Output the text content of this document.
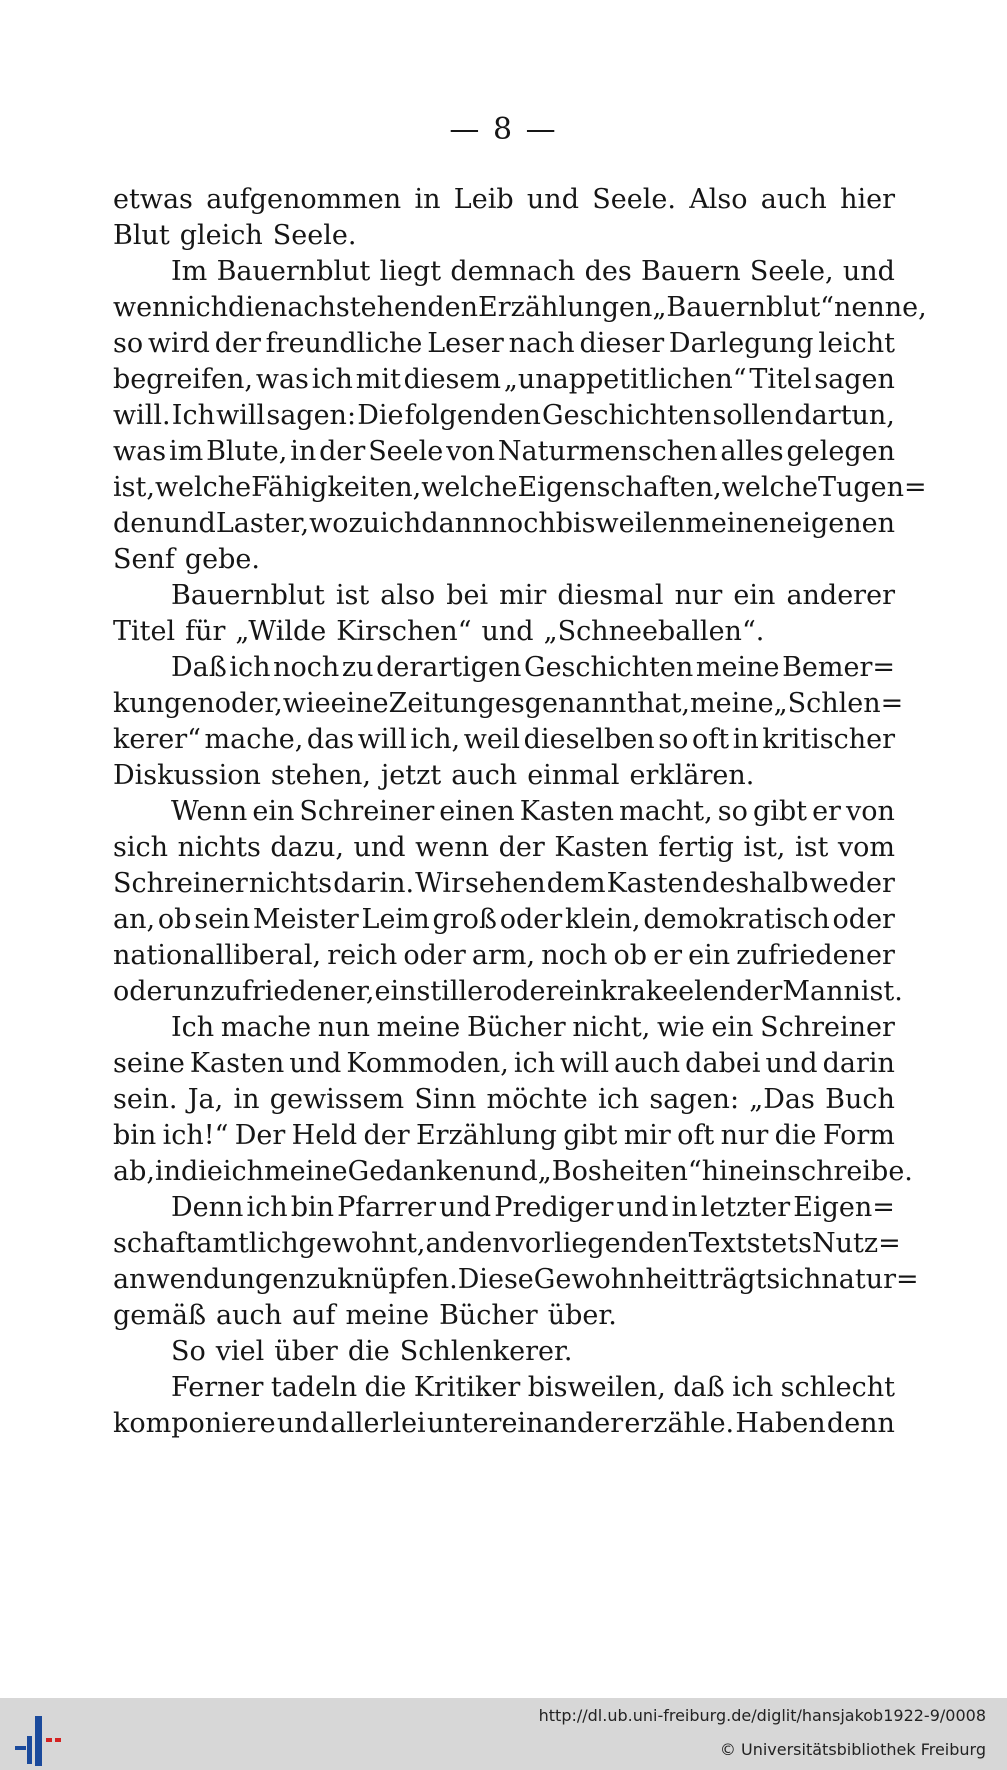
— 8 —
etwas aufgenommen in Leib und Seele. Also auch hier
Blut gleich Seele.
Im Bauernblut liegt demnach des Bauern Seele, und
wenn ich die nachstehenden Erzählungen „Bauernblut“ nenne,
so wird der freundliche Leser nach dieser Darlegung leicht
begreifen, was ich mit diesem „unappetitlichen“ Titel sagen
will. Ich will sagen: Die folgenden Geschichten sollen dartun,
was im Blute, in der Seele von Naturmenschen alles gelegen
ist, welche Fähigkeiten, welche Eigenschaften, welche Tugen=
den und Laster, wozu ich dann noch bisweilen meinen eigenen
Senf gebe.
Bauernblut ist also bei mir diesmal nur ein anderer
Titel für „Wilde Kirschen“ und „Schneeballen“.
Daß ich noch zu derartigen Geschichten meine Bemer=
kungen oder, wie eine Zeitung es genannt hat, meine „Schlen=
kerer“ mache, das will ich, weil dieselben so oft in kritischer
Diskussion stehen, jetzt auch einmal erklären.
Wenn ein Schreiner einen Kasten macht, so gibt er von
sich nichts dazu, und wenn der Kasten fertig ist, ist vom
Schreiner nichts darin. Wir sehen dem Kasten deshalb weder
an, ob sein Meister Leim groß oder klein, demokratisch oder
nationalliberal, reich oder arm, noch ob er ein zufriedener
oder unzufriedener, ein stiller oder ein krakeelender Mann ist.
Ich mache nun meine Bücher nicht, wie ein Schreiner
seine Kasten und Kommoden, ich will auch dabei und darin
sein. Ja, in gewissem Sinn möchte ich sagen: „Das Buch
bin ich!“ Der Held der Erzählung gibt mir oft nur die Form
ab, in die ich meine Gedanken und „Bosheiten“ hineinschreibe.
Denn ich bin Pfarrer und Prediger und in letzter Eigen=
schaft amtlich gewohnt, an den vorliegenden Text stets Nutz=
anwendungen zu knüpfen. Diese Gewohnheit trägt sich natur=
gemäß auch auf meine Bücher über.
So viel über die Schlenkerer.
Ferner tadeln die Kritiker bisweilen, daß ich schlecht
komponiere und allerlei untereinander erzähle. Haben denn
http://dl.ub.uni-freiburg.de/diglit/hansjakob1922-9/0008
© Universitätsbibliothek Freiburg
